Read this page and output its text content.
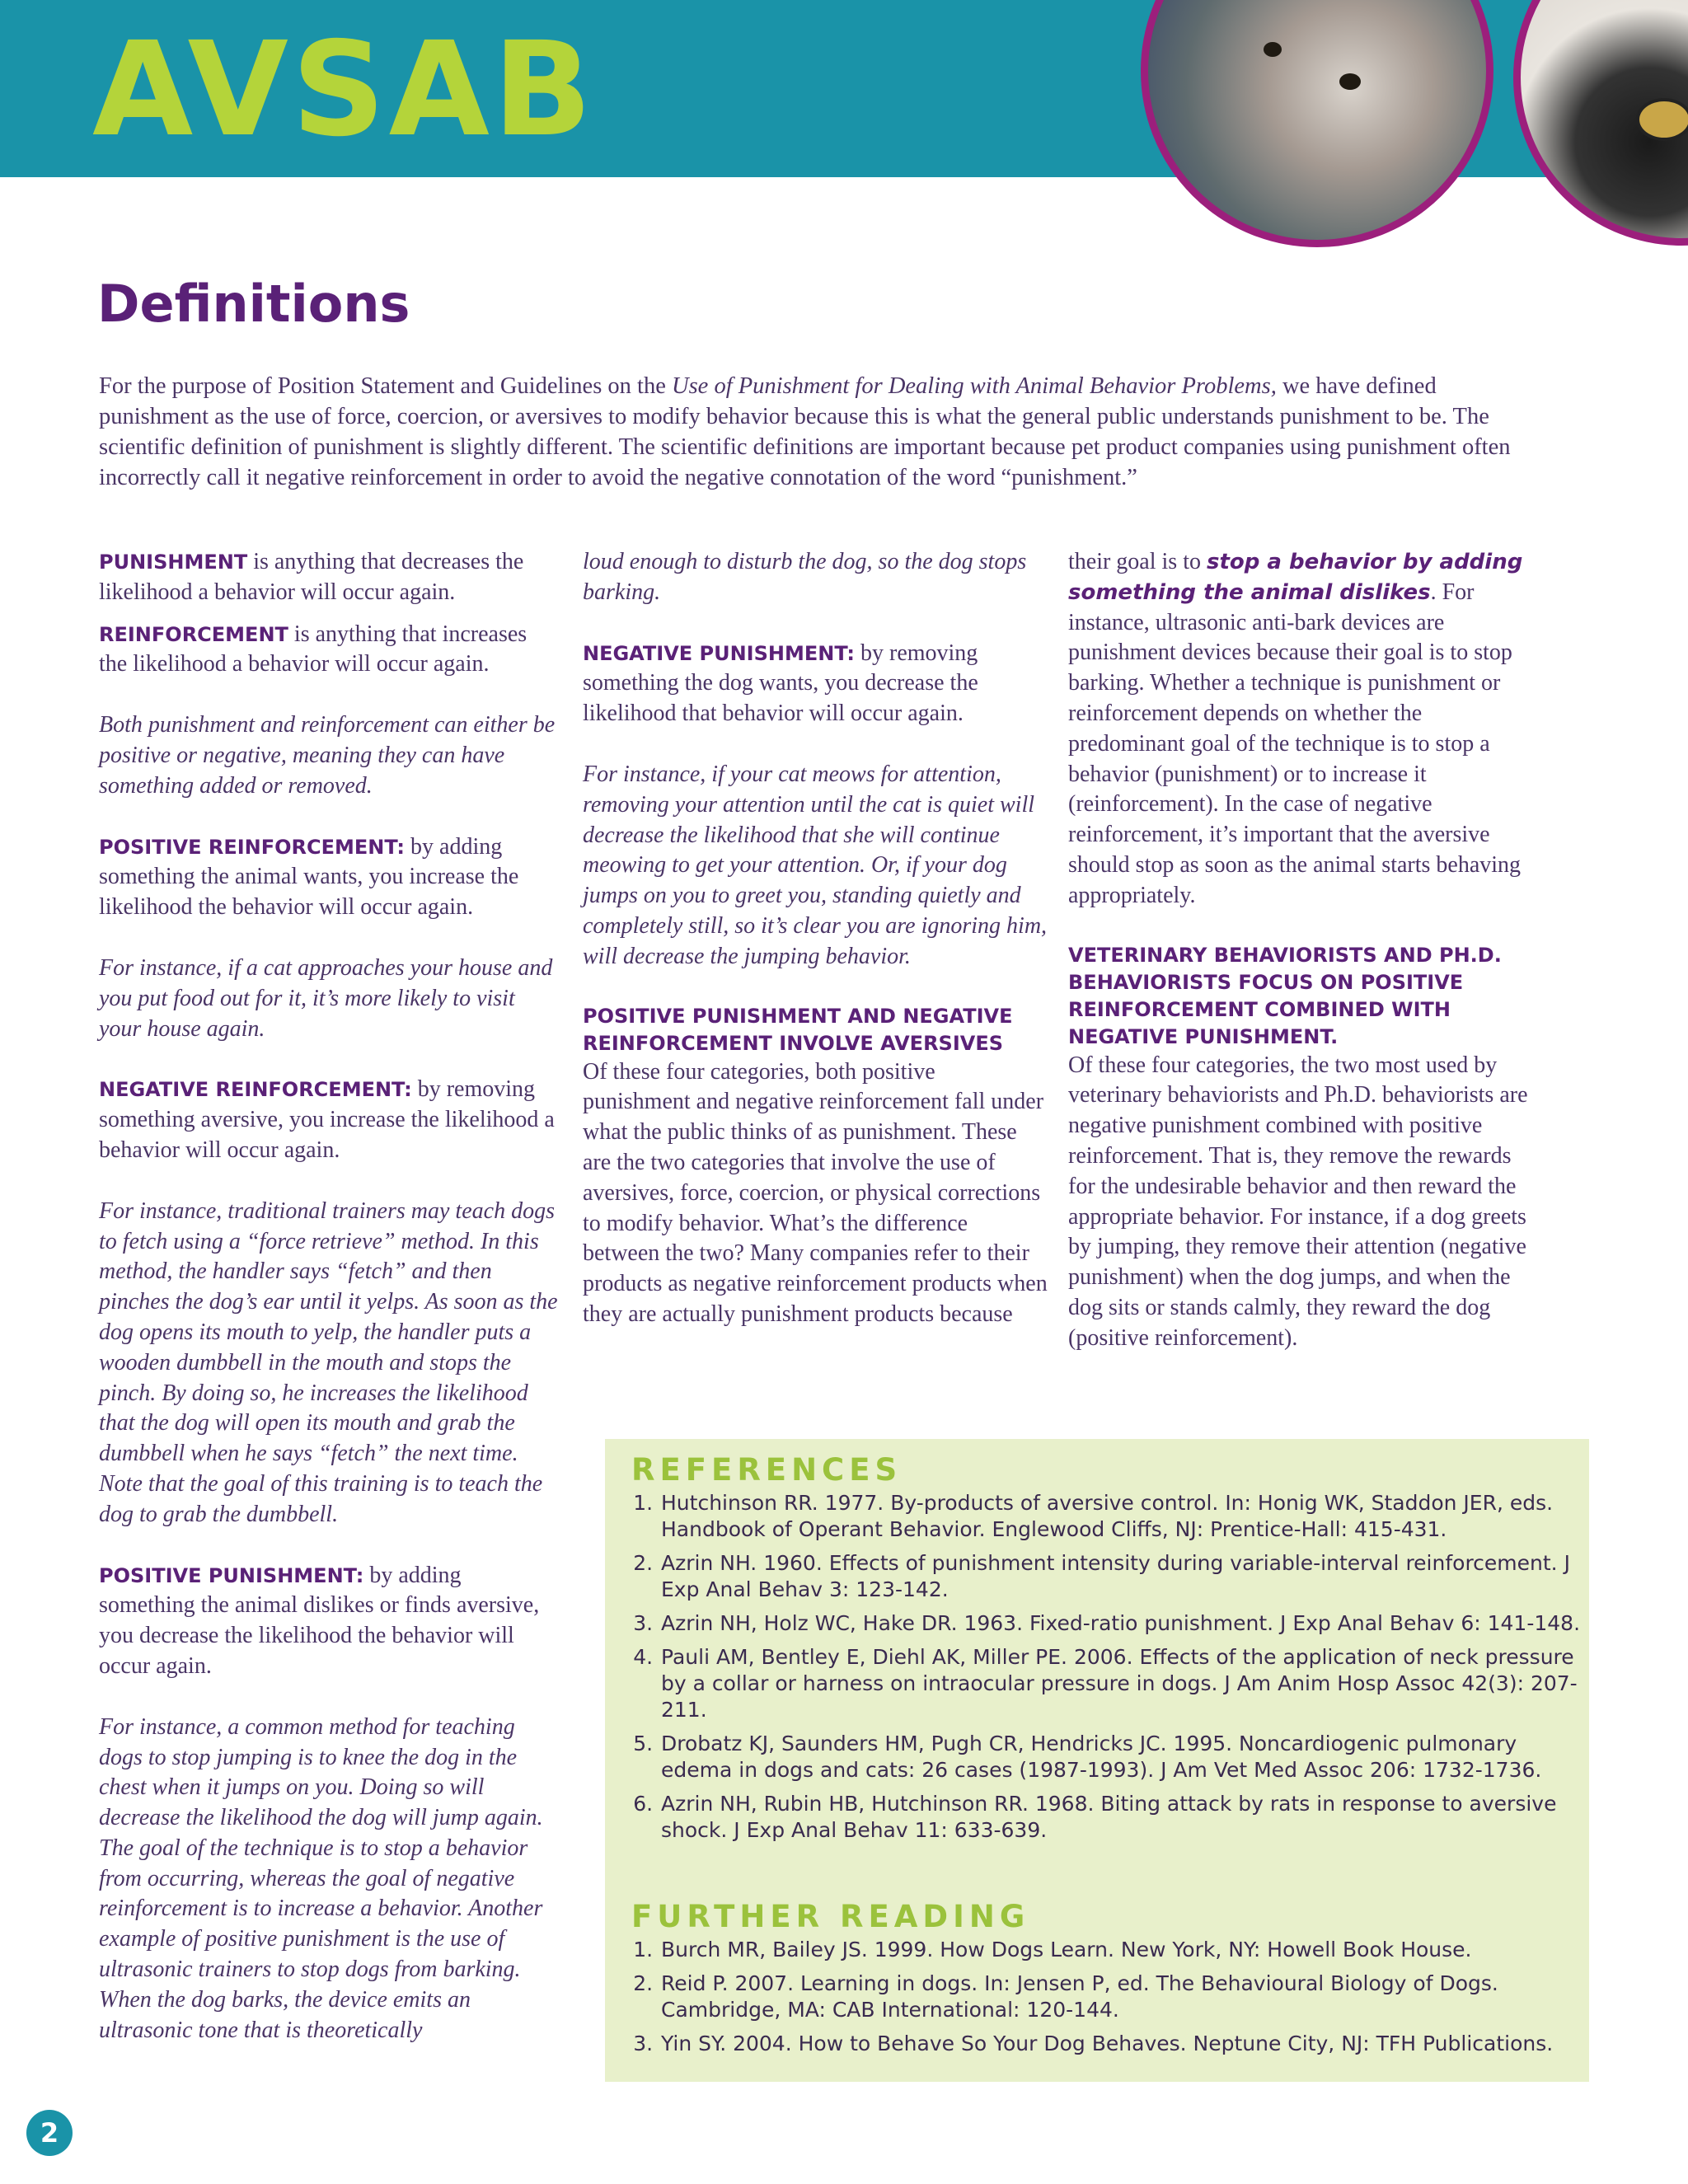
AVSAB
Definitions
For the purpose of Position Statement and Guidelines on the Use of Punishment for Dealing with Animal Behavior Problems, we have defined punishment as the use of force, coercion, or aversives to modify behavior because this is what the general public understands punishment to be. The scientific definition of punishment is slightly different. The scientific definitions are important because pet product companies using punishment often incorrectly call it negative reinforcement in order to avoid the negative connotation of the word “punishment.”

PUNISHMENT is anything that decreases the likelihood a behavior will occur again.

REINFORCEMENT is anything that increases the likelihood a behavior will occur again.

Both punishment and reinforcement can either be positive or negative, meaning they can have something added or removed.

POSITIVE REINFORCEMENT: by adding something the animal wants, you increase the likelihood the behavior will occur again.

For instance, if a cat approaches your house and you put food out for it, it’s more likely to visit your house again.

NEGATIVE REINFORCEMENT: by removing something aversive, you increase the likelihood a behavior will occur again.

For instance, traditional trainers may teach dogs to fetch using a “force retrieve” method. In this method, the handler says “fetch” and then pinches the dog’s ear until it yelps. As soon as the dog opens its mouth to yelp, the handler puts a wooden dumbbell in the mouth and stops the pinch. By doing so, he increases the likelihood that the dog will open its mouth and grab the dumbbell when he says “fetch” the next time. Note that the goal of this training is to teach the dog to grab the dumbbell.

POSITIVE PUNISHMENT: by adding something the animal dislikes or finds aversive, you decrease the likelihood the behavior will occur again.

For instance, a common method for teaching dogs to stop jumping is to knee the dog in the chest when it jumps on you. Doing so will decrease the likelihood the dog will jump again. The goal of the technique is to stop a behavior from occurring, whereas the goal of negative reinforcement is to increase a behavior. Another example of positive punishment is the use of ultrasonic trainers to stop dogs from barking. When the dog barks, the device emits an ultrasonic tone that is theoretically

loud enough to disturb the dog, so the dog stops barking.

NEGATIVE PUNISHMENT: by removing something the dog wants, you decrease the likelihood that behavior will occur again.

For instance, if your cat meows for attention, removing your attention until the cat is quiet will decrease the likelihood that she will continue meowing to get your attention. Or, if your dog jumps on you to greet you, standing quietly and completely still, so it’s clear you are ignoring him, will decrease the jumping behavior.

POSITIVE PUNISHMENT AND NEGATIVE REINFORCEMENT INVOLVE AVERSIVES
Of these four categories, both positive punishment and negative reinforcement fall under what the public thinks of as punishment. These are the two categories that involve the use of aversives, force, coercion, or physical corrections to modify behavior. What’s the difference between the two? Many companies refer to their products as negative reinforcement products when they are actually punishment products because

their goal is to stop a behavior by adding something the animal dislikes. For instance, ultrasonic anti-bark devices are punishment devices because their goal is to stop barking. Whether a technique is punishment or reinforcement depends on whether the predominant goal of the technique is to stop a behavior (punishment) or to increase it (reinforcement). In the case of negative reinforcement, it’s important that the aversive should stop as soon as the animal starts behaving appropriately.

VETERINARY BEHAVIORISTS AND PH.D. BEHAVIORISTS FOCUS ON POSITIVE REINFORCEMENT COMBINED WITH NEGATIVE PUNISHMENT.
Of these four categories, the two most used by veterinary behaviorists and Ph.D. behaviorists are negative punishment combined with positive reinforcement. That is, they remove the rewards for the undesirable behavior and then reward the appropriate behavior. For instance, if a dog greets by jumping, they remove their attention (negative punishment) when the dog jumps, and when the dog sits or stands calmly, they reward the dog (positive reinforcement).

REFERENCES
1. Hutchinson RR. 1977. By-products of aversive control. In: Honig WK, Staddon JER, eds. Handbook of Operant Behavior. Englewood Cliffs, NJ: Prentice-Hall: 415-431.
2. Azrin NH. 1960. Effects of punishment intensity during variable-interval reinforcement. J Exp Anal Behav 3: 123-142.
3. Azrin NH, Holz WC, Hake DR. 1963. Fixed-ratio punishment. J Exp Anal Behav 6: 141-148.
4. Pauli AM, Bentley E, Diehl AK, Miller PE. 2006. Effects of the application of neck pressure by a collar or harness on intraocular pressure in dogs. J Am Anim Hosp Assoc 42(3): 207-211.
5. Drobatz KJ, Saunders HM, Pugh CR, Hendricks JC. 1995. Noncardiogenic pulmonary edema in dogs and cats: 26 cases (1987-1993). J Am Vet Med Assoc 206: 1732-1736.
6. Azrin NH, Rubin HB, Hutchinson RR. 1968. Biting attack by rats in response to aversive shock. J Exp Anal Behav 11: 633-639.
FURTHER READING
1. Burch MR, Bailey JS. 1999. How Dogs Learn. New York, NY: Howell Book House.
2. Reid P. 2007. Learning in dogs. In: Jensen P, ed. The Behavioural Biology of Dogs. Cambridge, MA: CAB International: 120-144.
3. Yin SY. 2004. How to Behave So Your Dog Behaves. Neptune City, NJ: TFH Publications.
2
